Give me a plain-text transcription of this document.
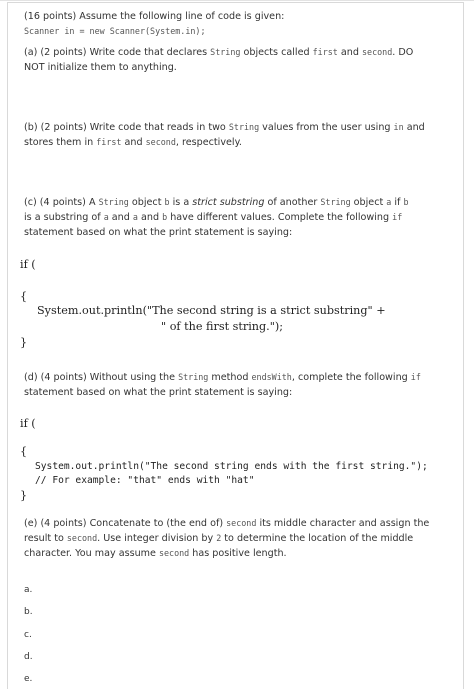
(16 points) Assume the following line of code is given:
Scanner in = new Scanner(System.in);
(a) (2 points) Write code that declares String objects called first and second. DO
NOT initialize them to anything.
(b) (2 points) Write code that reads in two String values from the user using in and
stores them in first and second, respectively.
(c) (4 points) A String object b is a strict substring of another String object a if b
is a substring of a and a and b have different values. Complete the following if
statement based on what the print statement is saying:
if (
{
System.out.println("The second string is a strict substring" +
" of the first string.");
}
(d) (4 points) Without using the String method endsWith, complete the following if
statement based on what the print statement is saying:
if (
{
System.out.println("The second string ends with the first string.");
// For example: "that" ends with "hat"
}
(e) (4 points) Concatenate to (the end of) second its middle character and assign the
result to second. Use integer division by 2 to determine the location of the middle
character. You may assume second has positive length.
a.
b.
c.
d.
e.
